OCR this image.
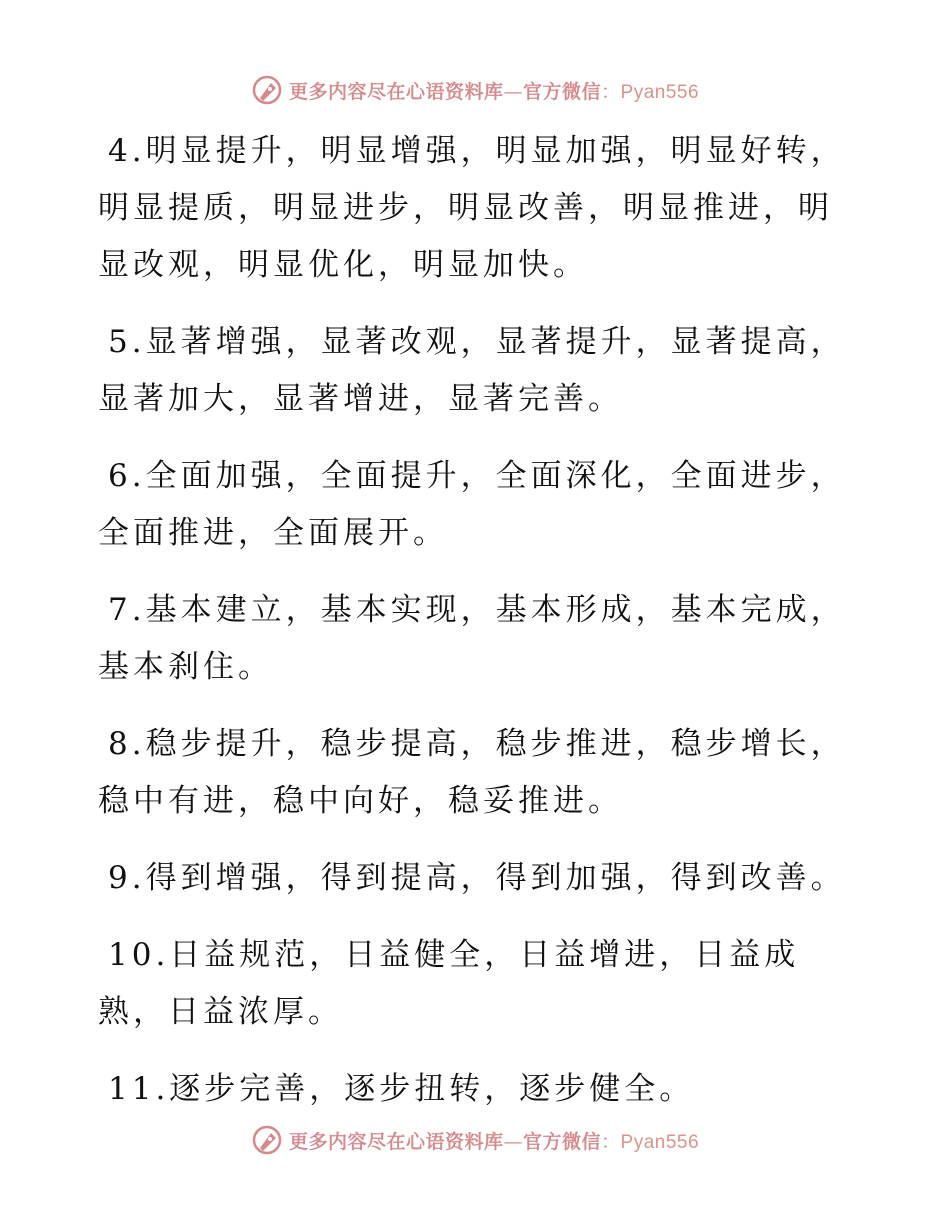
更多内容尽在心语资料库—官方微信：Pyan556

4.明显提升，明显增强，明显加强，明显好转，明显提质，明显进步，明显改善，明显推进，明显改观，明显优化，明显加快。

5.显著增强，显著改观，显著提升，显著提高，显著加大，显著增进，显著完善。

6.全面加强，全面提升，全面深化，全面进步，全面推进，全面展开。

7.基本建立，基本实现，基本形成，基本完成，基本刹住。

8.稳步提升，稳步提高，稳步推进，稳步增长，稳中有进，稳中向好，稳妥推进。

9.得到增强，得到提高，得到加强，得到改善。

10.日益规范，日益健全，日益增进，日益成熟，日益浓厚。

11.逐步完善，逐步扭转，逐步健全。

更多内容尽在心语资料库—官方微信：Pyan556
